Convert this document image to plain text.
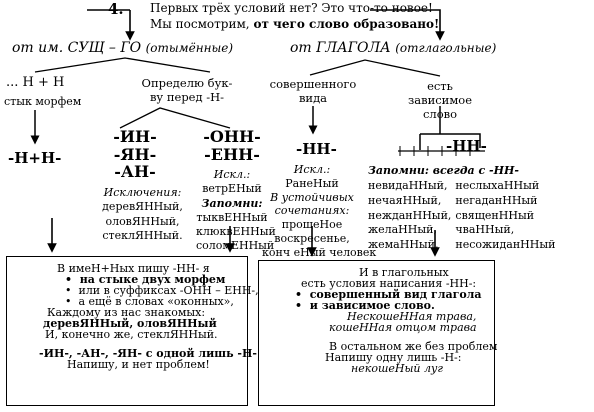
4. Первых трёх условий нет? Это что-то новое!
Мы посмотрим, от чего слово образовано!
от им. СУЩ – ГО (отымённые)	от ГЛАГОЛА (отглагольные)
... Н + Н
стык морфем
-Н+Н-
Определю бук-
ву перед -Н-
-ИН-
-ЯН-
-АН-
-ОНН-
-ЕНН-
Исключения:
деревЯННый,
оловЯННый,
стеклЯННый.
Искл.:
ветрЕНый
Запомни:
тыквЕННый
клюквЕННый
соломЕННый
совершенного
вида
-НН-
Искл.:
РанеНый
В устойчивых
сочетаниях:
прощеНое
воскресенье,
конч еНый человек
есть зависимое
слово
-НН-
Запомни: всегда с -НН-
невидаННый,
нечаяННый,
нежданННый,
желаННый,
жемаННый,
неслыхаННый
негаданННый
священННый
чваННый,
несожиданННый
В имеН+Ных пишу -НН- я
•  на стыке двух морфем
•  или в суффиксах -ОНН – ЕНН-,
•  а ещё в словах «оконных»,
Каждому из нас знакомых:
деревЯННый, оловЯННый
И, конечно же, стеклЯННый.
-ИН-, -АН-, -ЯН- с одной лишь -Н-
Напишу, и нет проблем!
И в глагольных
есть условия написания -НН-:
•  совершенный вид глагола
•  и зависимое слово.
НескошеННая трава,
кошеННая отцом трава
В остальном же без проблем
Напишу одну лишь -Н-:
некошеНый луг
